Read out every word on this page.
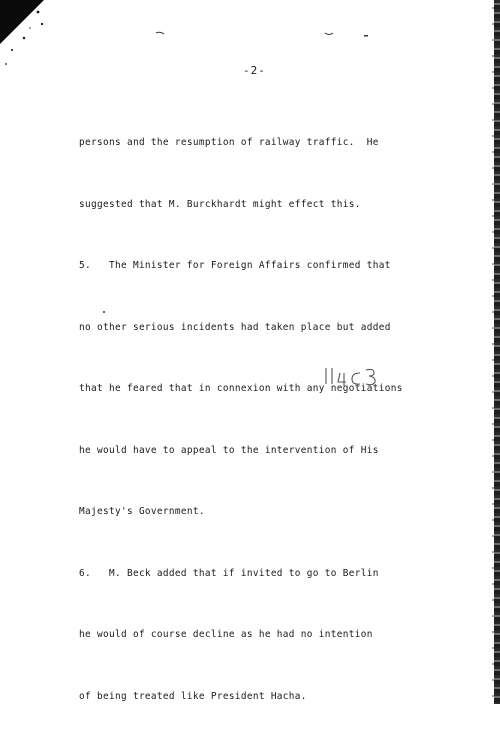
-2-

persons and the resumption of railway traffic.  He

suggested that M. Burckhardt might effect this.

5.   The Minister for Foreign Affairs confirmed that

no other serious incidents had taken place but added

that he feared that in connexion with any negotiations

he would have to appeal to the intervention of His

Majesty's Government.

6.   M. Beck added that if invited to go to Berlin

he would of course decline as he had no intention

of being treated like President Hacha.
